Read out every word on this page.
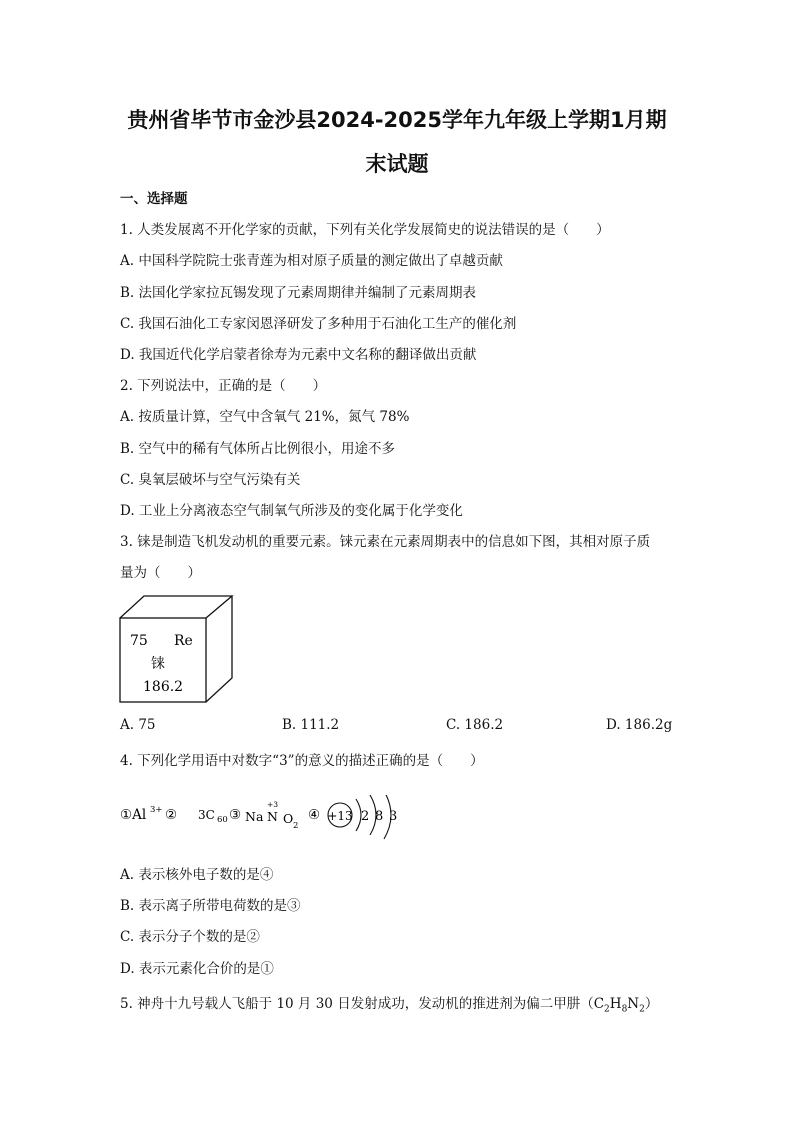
贵州省毕节市金沙县2024-2025学年九年级上学期1月期
末试题
一、选择题
1. 人类发展离不开化学家的贡献，下列有关化学发展简史的说法错误的是（　　）
A. 中国科学院院士张青莲为相对原子质量的测定做出了卓越贡献
B. 法国化学家拉瓦锡发现了元素周期律并编制了元素周期表
C. 我国石油化工专家闵恩泽研发了多种用于石油化工生产的催化剂
D. 我国近代化学启蒙者徐寿为元素中文名称的翻译做出贡献
2. 下列说法中，正确的是（　　）
A. 按质量计算，空气中含氧气 21%，氮气 78%
B. 空气中的稀有气体所占比例很小，用途不多
C. 臭氧层破坏与空气污染有关
D. 工业上分离液态空气制氧气所涉及的变化属于化学变化
3. 铼是制造飞机发动机的重要元素。铼元素在元素周期表中的信息如下图，其相对原子质
量为（　　）
75 Re
铼
186.2
A. 75	B. 111.2	C. 186.2	D. 186.2g
4. 下列化学用语中对数字“3”的意义的描述正确的是（　　）
①Al 3+ ② 3C 60 ③ Na
+3
N O 2
④ +13 2 8 3
A. 表示核外电子数的是④
B. 表示离子所带电荷数的是③
C. 表示分子个数的是②
D. 表示元素化合价的是①
5. 神舟十九号载人飞船于 10 月 30 日发射成功，发动机的推进剂为偏二甲肼$(C_2H_8N_2)$
